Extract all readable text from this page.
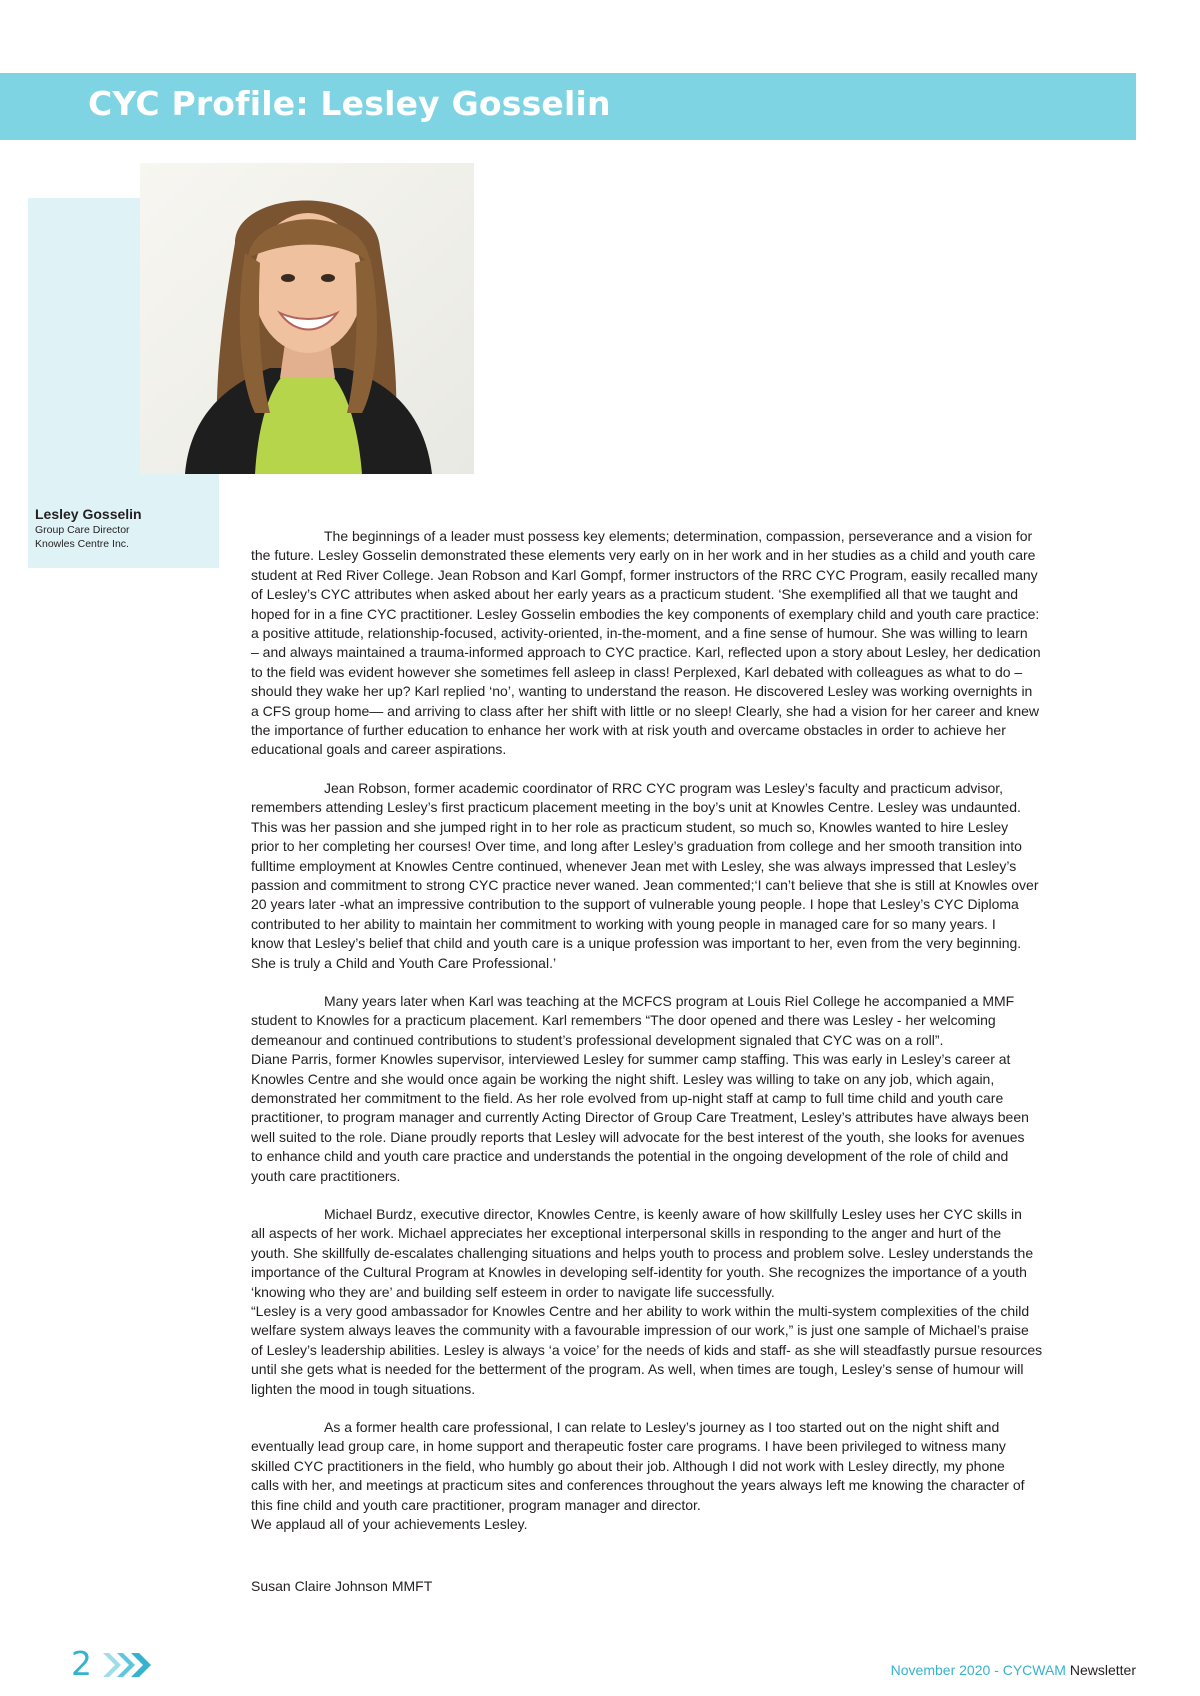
CYC Profile: Lesley Gosselin
Lesley Gosselin
Group Care Director
Knowles Centre Inc.	The beginnings of a leader must possess key elements; determination, compassion, perseverance and a vision for
the future. Lesley Gosselin demonstrated these elements very early on in her work and in her studies as a child and youth care
student at Red River College. Jean Robson and Karl Gompf, former instructors of the RRC CYC Program, easily recalled many
of Lesley’s CYC attributes when asked about her early years as a practicum student. ‘She exemplified all that we taught and
hoped for in a fine CYC practitioner. Lesley Gosselin embodies the key components of exemplary child and youth care practice:
a positive attitude, relationship-focused, activity-oriented, in-the-moment, and a fine sense of humour. She was willing to learn
– and always maintained a trauma-informed approach to CYC practice. Karl, reflected upon a story about Lesley, her dedication
to the field was evident however she sometimes fell asleep in class! Perplexed, Karl debated with colleagues as what to do –
should they wake her up? Karl replied ‘no’, wanting to understand the reason. He discovered Lesley was working overnights in
a CFS group home— and arriving to class after her shift with little or no sleep! Clearly, she had a vision for her career and knew
the importance of further education to enhance her work with at risk youth and overcame obstacles in order to achieve her
educational goals and career aspirations.

Jean Robson, former academic coordinator of RRC CYC program was Lesley’s faculty and practicum advisor,
remembers attending Lesley’s first practicum placement meeting in the boy’s unit at Knowles Centre. Lesley was undaunted.
This was her passion and she jumped right in to her role as practicum student, so much so, Knowles wanted to hire Lesley
prior to her completing her courses! Over time, and long after Lesley’s graduation from college and her smooth transition into
fulltime employment at Knowles Centre continued, whenever Jean met with Lesley, she was always impressed that Lesley’s
passion and commitment to strong CYC practice never waned. Jean commented;‘I can’t believe that she is still at Knowles over
20 years later -what an impressive contribution to the support of vulnerable young people. I hope that Lesley’s CYC Diploma
contributed to her ability to maintain her commitment to working with young people in managed care for so many years. I
know that Lesley’s belief that child and youth care is a unique profession was important to her, even from the very beginning.
She is truly a Child and Youth Care Professional.’

Many years later when Karl was teaching at the MCFCS program at Louis Riel College he accompanied a MMF
student to Knowles for a practicum placement. Karl remembers “The door opened and there was Lesley - her welcoming
demeanour and continued contributions to student’s professional development signaled that CYC was on a roll”.
Diane Parris, former Knowles supervisor, interviewed Lesley for summer camp staffing. This was early in Lesley’s career at
Knowles Centre and she would once again be working the night shift. Lesley was willing to take on any job, which again,
demonstrated her commitment to the field. As her role evolved from up-night staff at camp to full time child and youth care
practitioner, to program manager and currently Acting Director of Group Care Treatment, Lesley’s attributes have always been
well suited to the role. Diane proudly reports that Lesley will advocate for the best interest of the youth, she looks for avenues
to enhance child and youth care practice and understands the potential in the ongoing development of the role of child and
youth care practitioners.

Michael Burdz, executive director, Knowles Centre, is keenly aware of how skillfully Lesley uses her CYC skills in
all aspects of her work. Michael appreciates her exceptional interpersonal skills in responding to the anger and hurt of the
youth. She skillfully de-escalates challenging situations and helps youth to process and problem solve. Lesley understands the
importance of the Cultural Program at Knowles in developing self-identity for youth. She recognizes the importance of a youth
‘knowing who they are’ and building self esteem in order to navigate life successfully.
“Lesley is a very good ambassador for Knowles Centre and her ability to work within the multi-system complexities of the child
welfare system always leaves the community with a favourable impression of our work,” is just one sample of Michael’s praise
of Lesley’s leadership abilities. Lesley is always ‘a voice’ for the needs of kids and staff- as she will steadfastly pursue resources
until she gets what is needed for the betterment of the program. As well, when times are tough, Lesley’s sense of humour will
lighten the mood in tough situations.

As a former health care professional, I can relate to Lesley’s journey as I too started out on the night shift and
eventually lead group care, in home support and therapeutic foster care programs. I have been privileged to witness many
skilled CYC practitioners in the field, who humbly go about their job. Although I did not work with Lesley directly, my phone
calls with her, and meetings at practicum sites and conferences throughout the years always left me knowing the character of
this fine child and youth care practitioner, program manager and director.
We applaud all of your achievements Lesley.

Susan Claire Johnson MMFT
2	November 2020 - CYCWAM Newsletter
